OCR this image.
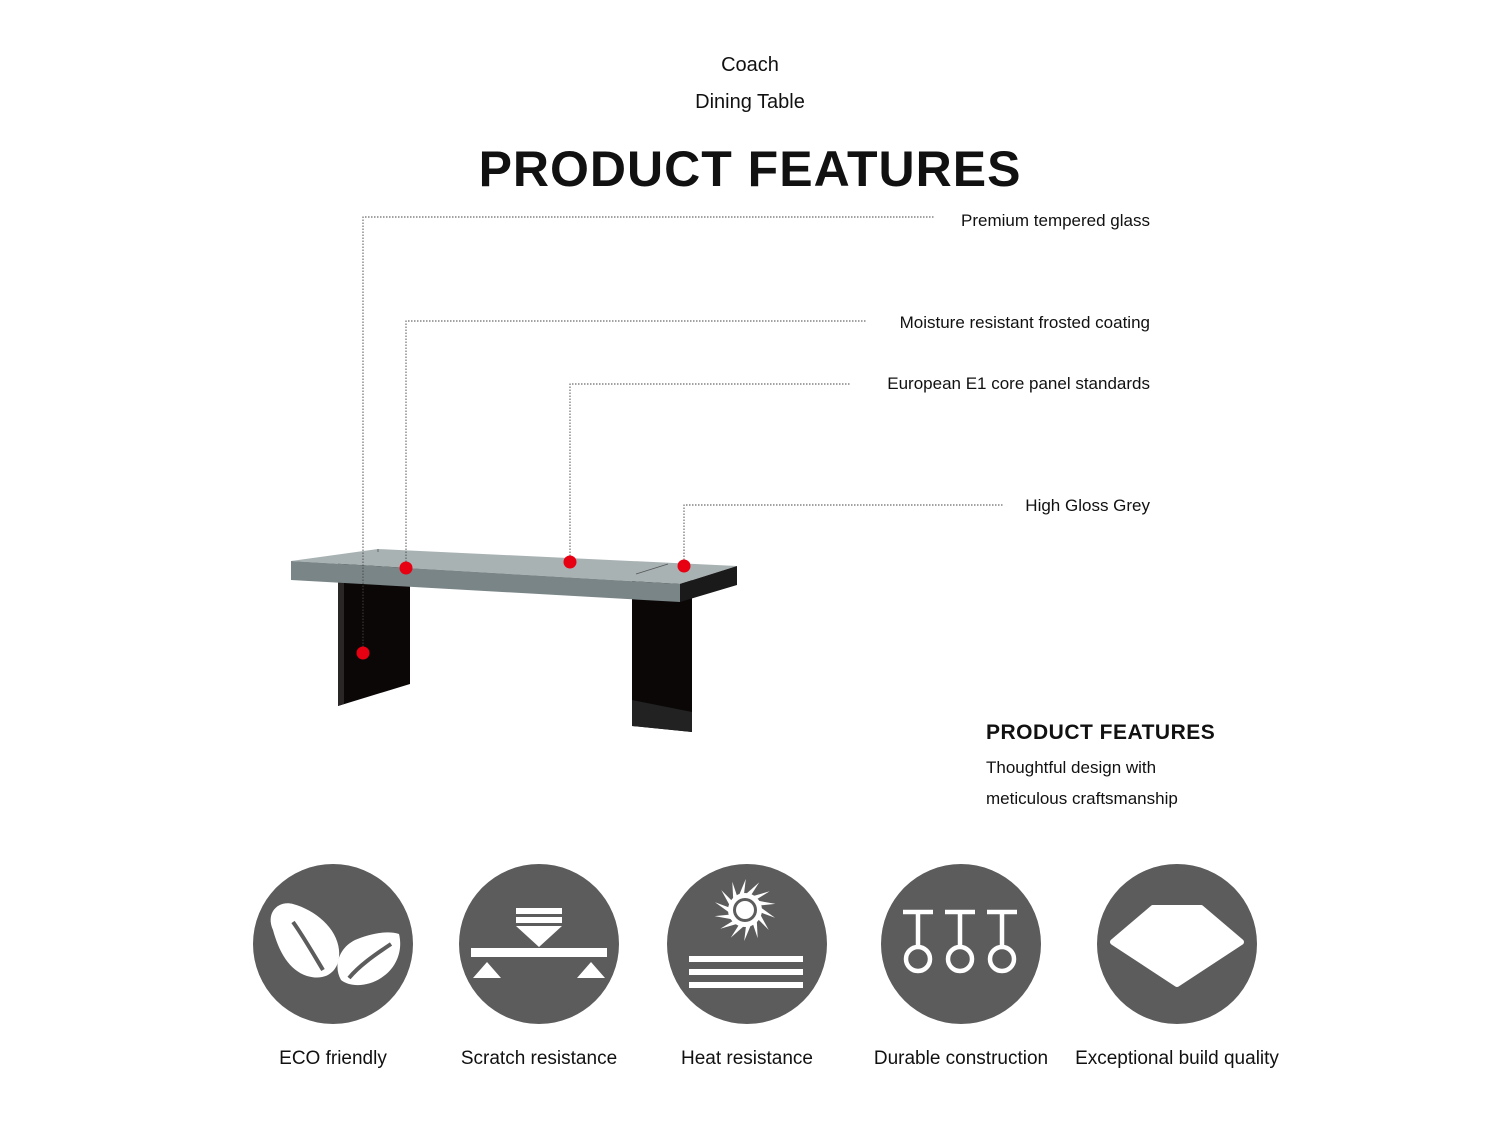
Coach
Dining Table
PRODUCT FEATURES
Premium tempered glass
Moisture resistant frosted coating
European E1 core panel standards
High Gloss Grey
PRODUCT FEATURES
Thoughtful design with
meticulous craftsmanship
ECO friendly	Scratch resistance	Heat resistance	Durable construction	Exceptional build quality
